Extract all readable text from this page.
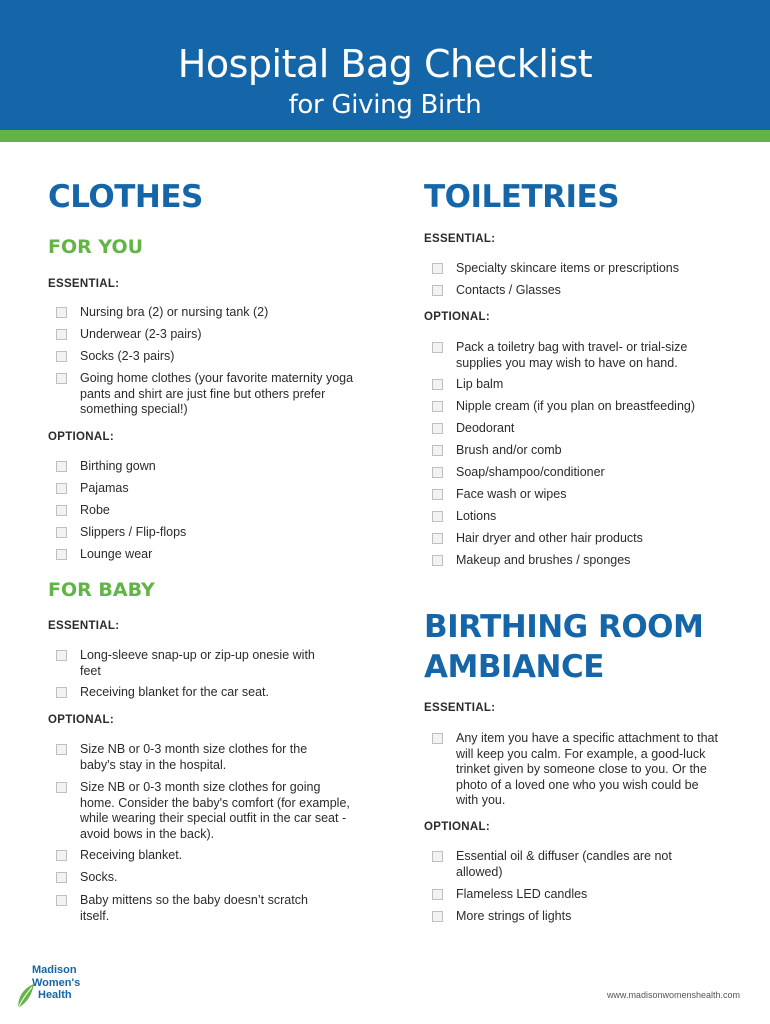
Hospital Bag Checklist
for Giving Birth
CLOTHES
FOR YOU
ESSENTIAL:
Nursing bra (2) or nursing tank (2)
Underwear (2-3 pairs)
Socks (2-3 pairs)
Going home clothes (your favorite maternity yoga pants and shirt are just fine but others prefer something special!)
OPTIONAL:
Birthing gown
Pajamas
Robe
Slippers / Flip-flops
Lounge wear
FOR BABY
ESSENTIAL:
Long-sleeve snap-up or zip-up onesie with feet
Receiving blanket for the car seat.
OPTIONAL:
Size NB or 0-3 month size clothes for the baby's stay in the hospital.
Size NB or 0-3 month size clothes for going home. Consider the baby's comfort (for example, while wearing their special outfit in the car seat - avoid bows in the back).
Receiving blanket.
Socks.
Baby mittens so the baby doesn’t scratch itself.
TOILETRIES
ESSENTIAL:
Specialty skincare items or prescriptions
Contacts / Glasses
OPTIONAL:
Pack a toiletry bag with travel- or trial-size supplies you may wish to have on hand.
Lip balm
Nipple cream (if you plan on breastfeeding)
Deodorant
Brush and/or comb
Soap/shampoo/conditioner
Face wash or wipes
Lotions
Hair dryer and other hair products
Makeup and brushes / sponges
BIRTHING ROOM
AMBIANCE
ESSENTIAL:
Any item you have a specific attachment to that will keep you calm. For example, a good-luck trinket given by someone close to you. Or the photo of a loved one who you wish could be with you.
OPTIONAL:
Essential oil & diffuser (candles are not allowed)
Flameless LED candles
More strings of lights
Madison
Women's
Health	www.madisonwomenshealth.com
